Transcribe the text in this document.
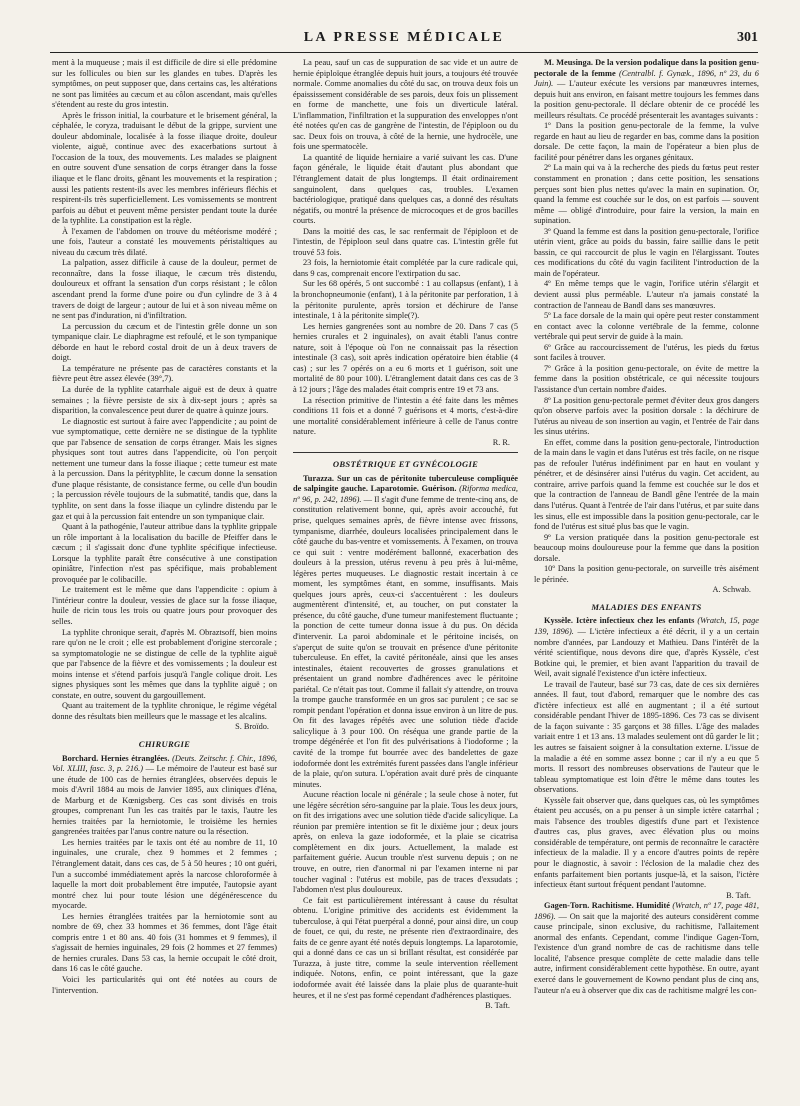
LA PRESSE MÉDICALE	301

ment à la muqueuse ; mais il est difficile de dire si elle prédomine sur les follicules ou bien sur les glandes en tubes. D'après les symptômes, on peut supposer que, dans certains cas, les altérations ne sont pas limitées au cæcum et au côlon ascendant, mais qu'elles s'étendent au reste du gros intestin.

Après le frisson initial, la courbature et le brisement général, la céphalée, le coryza, traduisant le début de la grippe, survient une douleur abdominale, localisée à la fosse iliaque droite, douleur violente, aiguë, continue avec des exacerbations surtout à l'occasion de la toux, des mouvements. Les malades se plaignent en outre souvent d'une sensation de corps étranger dans la fosse iliaque et le flanc droits, gênant les mouvements et la respiration ; aussi les patients restent-ils avec les membres inférieurs fléchis et respirent-ils très superficiellement. Les vomissements se montrent parfois au début et peuvent même persister pendant toute la durée de la typhlite. La constipation est la règle.

À l'examen de l'abdomen on trouve du météorisme modéré ; une fois, l'auteur a constaté les mouvements péristaltiques au niveau du cæcum très dilaté.

La palpation, assez difficile à cause de la douleur, permet de reconnaître, dans la fosse iliaque, le cæcum très distendu, douloureux et offrant la sensation d'un corps résistant ; le côlon ascendant prend la forme d'une poire ou d'un cylindre de 3 à 4 travers de doigt de largeur ; autour de lui et à son niveau même on ne sent pas d'induration, ni d'infiltration.

La percussion du cæcum et de l'intestin grêle donne un son tympanique clair. Le diaphragme est refoulé, et le son tympanique déborde en haut le rebord costal droit de un à deux travers de doigt.

La température ne présente pas de caractères constants et la fièvre peut être assez élevée (39°,7).

La durée de la typhlite catarrhale aiguë est de deux à quatre semaines ; la fièvre persiste de six à dix-sept jours ; après sa disparition, la convalescence peut durer de quatre à quinze jours.

Le diagnostic est surtout à faire avec l'appendicite ; au point de vue symptomatique, cette dernière ne se distingue de la typhlite que par l'absence de sensation de corps étranger. Mais les signes physiques sont tout autres dans l'appendicite, où l'on perçoit nettement une tumeur dans la fosse iliaque ; cette tumeur est mate à la percussion. Dans la pérityphlite, le cæcum donne la sensation d'une plaque résistante, de consistance ferme, ou celle d'un boudin ; la percussion révèle toujours de la submatité, tandis que, dans la typhlite, on sent dans la fosse iliaque un cylindre distendu par le gaz et qui à la percussion fait entendre un son tympanique clair.

Quant à la pathogénie, l'auteur attribue dans la typhlite grippale un rôle important à la localisation du bacille de Pfeiffer dans le cæcum ; il s'agissait donc d'une typhlite spécifique infectieuse. Lorsque la typhlite paraît être consécutive à une constipation opiniâtre, l'infection n'est pas spécifique, mais probablement provoquée par le colibacille.

Le traitement est le même que dans l'appendicite : opium à l'intérieur contre la douleur, vessies de glace sur la fosse iliaque, huile de ricin tous les trois ou quatre jours pour provoquer des selles.

La typhlite chronique serait, d'après M. Obraztsoff, bien moins rare qu'on ne le croit ; elle est probablement d'origine stercorale ; sa symptomatologie ne se distingue de celle de la typhlite aiguë que par l'absence de la fièvre et des vomissements ; la douleur est moins intense et s'étend parfois jusqu'à l'angle colique droit. Les signes physiques sont les mêmes que dans la typhlite aiguë ; on constate, en outre, souvent du gargouillement.

Quant au traitement de la typhlite chronique, le régime végétal donne des résultats bien meilleurs que le massage et les alcalins.

S. Broïdo.

CHIRURGIE

Borchard. Hernies étranglées. (Deuts. Zeitschr. f. Chir., 1896, Vol. XLIII, fasc. 3, p. 216.) — Le mémoire de l'auteur est basé sur une étude de 100 cas de hernies étranglées, observées depuis le mois d'Avril 1884 au mois de Janvier 1895, aux cliniques d'Iéna, de Marburg et de Kœnigsberg. Ces cas sont divisés en trois groupes, comprenant l'un les cas traités par le taxis, l'autre les hernies traitées par la herniotomie, le troisième les hernies gangrenées traitées par l'anus contre nature ou la résection.

Les hernies traitées par le taxis ont été au nombre de 11, 10 inguinales, une crurale, chez 9 hommes et 2 femmes ; l'étranglement datait, dans ces cas, de 5 à 50 heures ; 10 ont guéri, l'un a succombé immédiatement après la narcose chloroformée à laquelle la mort doit probablement être imputée, l'autopsie ayant montré chez lui pour toute lésion une dégénérescence du myocarde.

Les hernies étranglées traitées par la herniotomie sont au nombre de 69, chez 33 hommes et 36 femmes, dont l'âge était compris entre 1 et 80 ans. 40 fois (31 hommes et 9 femmes), il s'agissait de hernies inguinales, 29 fois (2 hommes et 27 femmes) de hernies crurales. Dans 53 cas, la hernie occupait le côté droit, dans 16 cas le côté gauche.

Voici les particularités qui ont été notées au cours de l'intervention.

La peau, sauf un cas de suppuration de sac vide et un autre de hernie épiploïque étranglée depuis huit jours, a toujours été trouvée normale. Comme anomalies du côté du sac, on trouva deux fois un épaississement considérable de ses parois, deux fois un plissement en forme de manchette, une fois un diverticule latéral. L'inflammation, l'infiltration et la suppuration des enveloppes n'ont été notées qu'en cas de gangrène de l'intestin, de l'épiploon ou du sac. Deux fois on trouva, à côté de la hernie, une hydrocèle, une fois une spermatocèle.

La quantité de liquide herniaire a varié suivant les cas. D'une façon générale, le liquide était d'autant plus abondant que l'étranglement datait de plus longtemps. Il était ordinairement sanguinolent, dans quelques cas, troubles. L'examen bactériologique, pratiqué dans quelques cas, a donné des résultats négatifs, ou montré la présence de microcoques et de gros bacilles courts.

Dans la moitié des cas, le sac renfermait de l'épiploon et de l'intestin, de l'épiploon seul dans quatre cas. L'intestin grêle fut trouvé 53 fois.

23 fois, la herniotomie était complétée par la cure radicale qui, dans 9 cas, comprenait encore l'extirpation du sac.

Sur les 68 opérés, 5 ont succombé : 1 au collapsus (enfant), 1 à la bronchopneumonie (enfant), 1 à la péritonite par perforation, 1 à la péritonite purulente, après torsion et déchirure de l'anse intestinale, 1 à la péritonite simple(?).

Les hernies gangrenées sont au nombre de 20. Dans 7 cas (5 hernies crurales et 2 inguinales), on avait établi l'anus contre nature, soit à l'époque où l'on ne connaissait pas la résection intestinale (3 cas), soit après indication opératoire bien établie (4 cas) ; sur les 7 opérés on a eu 6 morts et 1 guérison, soit une mortalité de 80 pour 100). L'étranglement datait dans ces cas de 3 à 12 jours ; l'âge des malades était compris entre 19 et 73 ans.

La résection primitive de l'intestin a été faite dans les mêmes conditions 11 fois et a donné 7 guérisons et 4 morts, c'est-à-dire une mortalité considérablement inférieure à celle de l'anus contre nature.

R. R.

OBSTÉTRIQUE ET GYNÉCOLOGIE

Turazza. Sur un cas de péritonite tuberculeuse compliquée de salpingite gauche. Laparotomie. Guérison. (Riforma medica, nº 96, p. 242, 1896). — Il s'agit d'une femme de trente-cinq ans, de constitution relativement bonne, qui, après avoir accouché, fut prise, quelques semaines après, de fièvre intense avec frissons, tympanisme, diarrhée, douleurs localisées principalement dans le côté gauche du bas-ventre et vomissements. À l'examen, on trouva ce qui suit : ventre modérément ballonné, exacerbation des douleurs à la pression, utérus revenu à peu près à lui-même, légères pertes muqueuses. Le diagnostic restait incertain à ce moment, les symptômes étant, en somme, insuffisants. Mais quelques jours après, ceux-ci s'accentuèrent : les douleurs augmentèrent d'intensité, et, au toucher, on put constater la présence, du côté gauche, d'une tumeur manifestement fluctuante ; la ponction de cette tumeur donna issue à du pus. On décida d'intervenir. La paroi abdominale et le péritoine incisés, on s'aperçut de suite qu'on se trouvait en présence d'une péritonite tuberculeuse. En effet, la cavité péritonéale, ainsi que les anses intestinales, étaient recouvertes de grosses granulations et présentaient un grand nombre d'adhérences avec le péritoine pariétal. Ce n'était pas tout. Comme il fallait s'y attendre, on trouva la trompe gauche transformée en un gros sac purulent ; ce sac se rompit pendant l'opération et donna issue environ à un litre de pus. On fit des lavages répétés avec une solution tiède d'acide salicylique à 3 pour 100. On réséqua une grande partie de la trompe dégénérée et l'on fit des pulvérisations à l'iodoforme ; la cavité de la trompe fut bourrée avec des bandelettes de gaze iodoformée dont les extrémités furent passées dans l'angle inférieur de la plaie, qu'on sutura. L'opération avait duré près de cinquante minutes.

Aucune réaction locale ni générale ; la seule chose à noter, fut une légère sécrétion séro-sanguine par la plaie. Tous les deux jours, on fit des irrigations avec une solution tiède d'acide salicylique. La réunion par première intention se fit le dixième jour ; deux jours après, on enleva la gaze iodoformée, et la plaie se cicatrisa complètement en dix jours. Actuellement, la malade est parfaitement guérie. Aucun trouble n'est survenu depuis ; on ne trouve, en outre, rien d'anormal ni par l'examen interne ni par toucher vaginal : l'utérus est mobile, pas de traces d'exsudats ; l'abdomen n'est plus douloureux.

Ce fait est particulièrement intéressant à cause du résultat obtenu. L'origine primitive des accidents est évidemment la tuberculose, à qui l'état puerpéral a donné, pour ainsi dire, un coup de fouet, ce qui, du reste, ne présente rien d'extraordinaire, des faits de ce genre ayant été notés depuis longtemps. La laparotomie, qui a donné dans ce cas un si brillant résultat, est considérée par Turazza, à juste titre, comme la seule intervention réellement indiquée. Notons, enfin, ce point intéressant, que la gaze iodoformée avait été laissée dans la plaie plus de quarante-huit heures, et il ne s'est pas formé cependant d'adhérences plastiques.

B. Taft.

M. Meusinga. De la version podalique dans la position genu-pectorale de la femme (Centralbl. f. Gynæk., 1896, nº 23, du 6 Juin). — L'auteur exécute les versions par manœuvres internes, depuis huit ans environ, en faisant mettre toujours les femmes dans la position genu-pectorale. Il déclare obtenir de ce procédé les meilleurs résultats. Ce procédé présenterait les avantages suivants :

1º Dans la position genu-pectorale de la femme, la vulve regarde en haut au lieu de regarder en bas, comme dans la position dorsale. De cette façon, la main de l'opérateur a bien plus de facilité pour pénétrer dans les organes génitaux.

2º La main qui va à la recherche des pieds du fœtus peut rester constamment en pronation ; dans cette position, les sensations perçues sont bien plus nettes qu'avec la main en supination. Or, quand la femme est couchée sur le dos, on est parfois — souvent même — obligé d'introduire, pour faire la version, la main en supination.

3º Quand la femme est dans la position genu-pectorale, l'orifice utérin vient, grâce au poids du bassin, faire saillie dans le petit bassin, ce qui raccourcit de plus le vagin en l'élargissant. Toutes ces modifications du côté du vagin facilitent l'introduction de la main de l'opérateur.

4º En même temps que le vagin, l'orifice utérin s'élargit et devient aussi plus perméable. L'auteur n'a jamais constaté la contraction de l'anneau de Bandl dans ses manœuvres.

5º La face dorsale de la main qui opère peut rester constamment en contact avec la colonne vertébrale de la femme, colonne vertébrale qui peut servir de guide à la main.

6º Grâce au raccourcissement de l'utérus, les pieds du fœtus sont faciles à trouver.

7º Grâce à la position genu-pectorale, on évite de mettre la femme dans la position obstétricale, ce qui nécessite toujours l'assistance d'un certain nombre d'aides.

8º La position genu-pectorale permet d'éviter deux gros dangers qu'on observe parfois avec la position dorsale : la déchirure de l'utérus au niveau de son insertion au vagin, et l'entrée de l'air dans les sinus utérins.

En effet, comme dans la position genu-pectorale, l'introduction de la main dans le vagin et dans l'utérus est très facile, on ne risque pas de refouler l'utérus indéfiniment par en haut en voulant y pénétrer, et de désinsérer ainsi l'utérus du vagin. Cet accident, au contraire, arrive parfois quand la femme est couchée sur le dos et que la contraction de l'anneau de Bandl gêne l'entrée de la main dans l'utérus. Quant à l'entrée de l'air dans l'utérus, et par suite dans les sinus, elle est impossible dans la position genu-pectorale, car le fond de l'utérus est situé plus bas que le vagin.

9º La version pratiquée dans la position genu-pectorale est beaucoup moins douloureuse pour la femme que dans la position dorsale.

10º Dans la position genu-pectorale, on surveille très aisément le périnée.

A. Schwab.

MALADIES DES ENFANTS

Kyssèle. Ictère infectieux chez les enfants (Wratch, 15, page 139, 1896). — L'ictère infectieux a été décrit, il y a un certain nombre d'années, par Landouzy et Mathieu. Dans l'intérêt de la vérité scientifique, nous devons dire que, d'après Kyssèle, c'est Botkine qui, le premier, et bien avant l'apparition du travail de Weil, avait signalé l'existence d'un ictère infectieux.

Le travail de l'auteur, basé sur 73 cas, date de ces six dernières années. Il faut, tout d'abord, remarquer que le nombre des cas d'ictère infectieux est allé en augmentant ; il a été surtout considérable pendant l'hiver de 1895-1896. Ces 73 cas se divisent de la façon suivante : 35 garçons et 38 filles. L'âge des malades variait entre 1 et 13 ans. 13 malades seulement ont dû garder le lit ; les autres se faisaient soigner à la consultation externe. L'issue de la maladie a été en somme assez bonne ; car il n'y a eu que 5 morts. Il ressort des nombreuses observations de l'auteur que le tableau symptomatique est loin d'être le même dans toutes les observations.

Kyssèle fait observer que, dans quelques cas, où les symptômes étaient peu accusés, on a pu penser à un simple ictère catarrhal ; mais l'absence des troubles digestifs d'une part et l'existence d'autres cas, plus graves, avec élévation plus ou moins considérable de température, ont permis de reconnaître le caractère infectieux de la maladie. Il y a encore d'autres points de repère pour le diagnostic, à savoir : l'éclosion de la maladie chez des enfants parfaitement bien portants jusque-là, et la saison, l'ictère infectieux étant surtout fréquent pendant l'automne.

B. Taft.

Gagen-Torn. Rachitisme. Humidité (Wratch, nº 17, page 481, 1896). — On sait que la majorité des auteurs considèrent comme cause principale, sinon exclusive, du rachitisme, l'allaitement anormal des enfants. Cependant, comme l'indique Gagen-Torn, l'existence d'un grand nombre de cas de rachitisme dans telle localité, l'absence presque complète de cette maladie dans telle autre, infirment considérablement cette hypothèse. En outre, ayant exercé dans le gouvernement de Kowno pendant plus de cinq ans, l'auteur n'a eu à observer que dix cas de rachitisme malgré les con-
